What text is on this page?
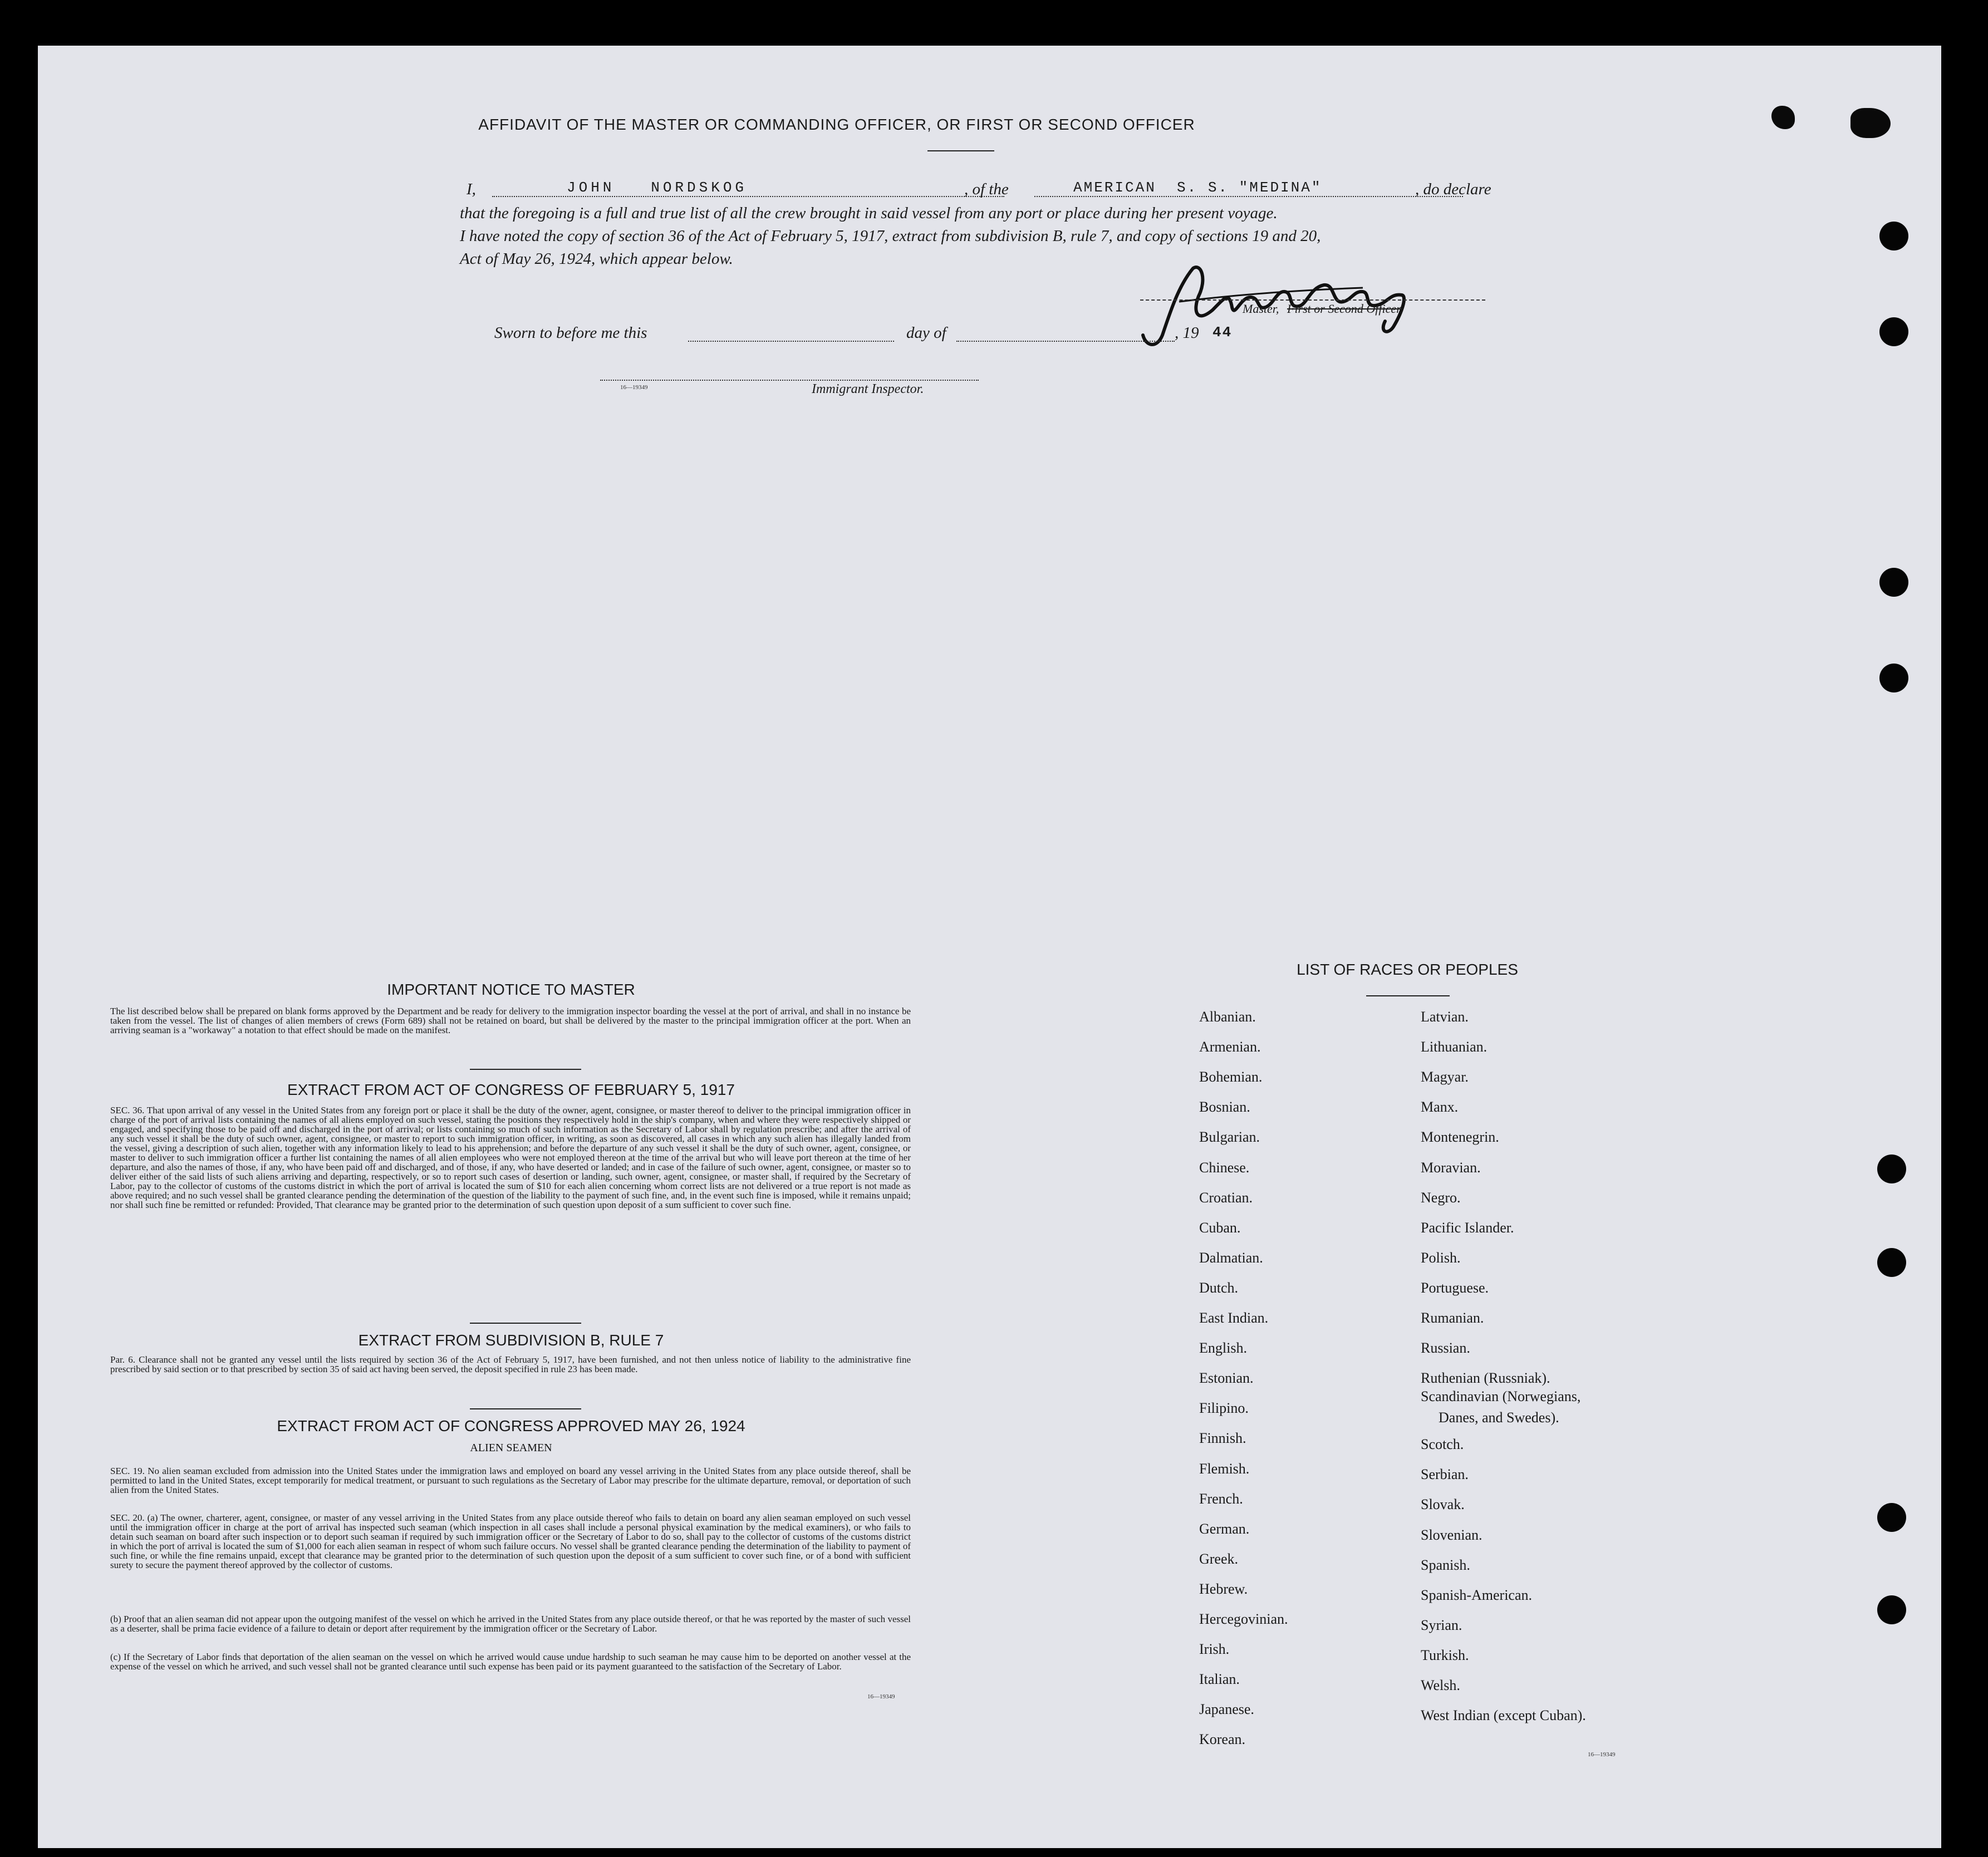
AFFIDAVIT OF THE MASTER OR COMMANDING OFFICER, OR FIRST OR SECOND OFFICER
I,	JOHN   NORDSKOG	, of the	AMERICAN  S. S. "MEDINA"	, do declare
that the foregoing is a full and true list of all the crew brought in said vessel from any port or place during her present voyage.
I have noted the copy of section 36 of the Act of February 5, 1917, extract from subdivision B, rule 7, and copy of sections 19 and 20,
Act of May 26, 1924, which appear below.
Master, First or Second Officer.
Sworn to before me this	day of	, 19 44
16—19349	Immigrant Inspector.
IMPORTANT NOTICE TO MASTER
The list described below shall be prepared on blank forms approved by the Department and be ready for delivery to the immigration inspector boarding the vessel at the port of arrival, and shall in no instance be taken from the vessel. The list of changes of alien members of crews (Form 689) shall not be retained on board, but shall be delivered by the master to the principal immigration officer at the port. When an arriving seaman is a "workaway" a notation to that effect should be made on the manifest.
EXTRACT FROM ACT OF CONGRESS OF FEBRUARY 5, 1917
SEC. 36. That upon arrival of any vessel in the United States from any foreign port or place it shall be the duty of the owner, agent, consignee, or master thereof to deliver to the principal immigration officer in charge of the port of arrival lists containing the names of all aliens employed on such vessel, stating the positions they respectively hold in the ship's company, when and where they were respectively shipped or engaged, and specifying those to be paid off and discharged in the port of arrival; or lists containing so much of such information as the Secretary of Labor shall by regulation prescribe; and after the arrival of any such vessel it shall be the duty of such owner, agent, consignee, or master to report to such immigration officer, in writing, as soon as discovered, all cases in which any such alien has illegally landed from the vessel, giving a description of such alien, together with any information likely to lead to his apprehension; and before the departure of any such vessel it shall be the duty of such owner, agent, consignee, or master to deliver to such immigration officer a further list containing the names of all alien employees who were not employed thereon at the time of the arrival but who will leave port thereon at the time of her departure, and also the names of those, if any, who have been paid off and discharged, and of those, if any, who have deserted or landed; and in case of the failure of such owner, agent, consignee, or master so to deliver either of the said lists of such aliens arriving and departing, respectively, or so to report such cases of desertion or landing, such owner, agent, consignee, or master shall, if required by the Secretary of Labor, pay to the collector of customs of the customs district in which the port of arrival is located the sum of $10 for each alien concerning whom correct lists are not delivered or a true report is not made as above required; and no such vessel shall be granted clearance pending the determination of the question of the liability to the payment of such fine, and, in the event such fine is imposed, while it remains unpaid; nor shall such fine be remitted or refunded: Provided, That clearance may be granted prior to the determination of such question upon deposit of a sum sufficient to cover such fine.
EXTRACT FROM SUBDIVISION B, RULE 7
Par. 6. Clearance shall not be granted any vessel until the lists required by section 36 of the Act of February 5, 1917, have been furnished, and not then unless notice of liability to the administrative fine prescribed by said section or to that prescribed by section 35 of said act having been served, the deposit specified in rule 23 has been made.
EXTRACT FROM ACT OF CONGRESS APPROVED MAY 26, 1924
ALIEN SEAMEN
SEC. 19. No alien seaman excluded from admission into the United States under the immigration laws and employed on board any vessel arriving in the United States from any place outside thereof, shall be permitted to land in the United States, except temporarily for medical treatment, or pursuant to such regulations as the Secretary of Labor may prescribe for the ultimate departure, removal, or deportation of such alien from the United States.
SEC. 20. (a) The owner, charterer, agent, consignee, or master of any vessel arriving in the United States from any place outside thereof who fails to detain on board any alien seaman employed on such vessel until the immigration officer in charge at the port of arrival has inspected such seaman (which inspection in all cases shall include a personal physical examination by the medical examiners), or who fails to detain such seaman on board after such inspection or to deport such seaman if required by such immigration officer or the Secretary of Labor to do so, shall pay to the collector of customs of the customs district in which the port of arrival is located the sum of $1,000 for each alien seaman in respect of whom such failure occurs. No vessel shall be granted clearance pending the determination of the liability to payment of such fine, or while the fine remains unpaid, except that clearance may be granted prior to the determination of such question upon the deposit of a sum sufficient to cover such fine, or of a bond with sufficient surety to secure the payment thereof approved by the collector of customs.
(b) Proof that an alien seaman did not appear upon the outgoing manifest of the vessel on which he arrived in the United States from any place outside thereof, or that he was reported by the master of such vessel as a deserter, shall be prima facie evidence of a failure to detain or deport after requirement by the immigration officer or the Secretary of Labor.
(c) If the Secretary of Labor finds that deportation of the alien seaman on the vessel on which he arrived would cause undue hardship to such seaman he may cause him to be deported on another vessel at the expense of the vessel on which he arrived, and such vessel shall not be granted clearance until such expense has been paid or its payment guaranteed to the satisfaction of the Secretary of Labor.
16—19349
LIST OF RACES OR PEOPLES
Albanian.
Armenian.
Bohemian.
Bosnian.
Bulgarian.
Chinese.
Croatian.
Cuban.
Dalmatian.
Dutch.
East Indian.
English.
Estonian.
Filipino.
Finnish.
Flemish.
French.
German.
Greek.
Hebrew.
Hercegovinian.
Irish.
Italian.
Japanese.
Korean.
Latvian.
Lithuanian.
Magyar.
Manx.
Montenegrin.
Moravian.
Negro.
Pacific Islander.
Polish.
Portuguese.
Rumanian.
Russian.
Ruthenian (Russniak).
Scandinavian (Norwegians,
Danes, and Swedes).
Scotch.
Serbian.
Slovak.
Slovenian.
Spanish.
Spanish-American.
Syrian.
Turkish.
Welsh.
West Indian (except Cuban).
16—19349
